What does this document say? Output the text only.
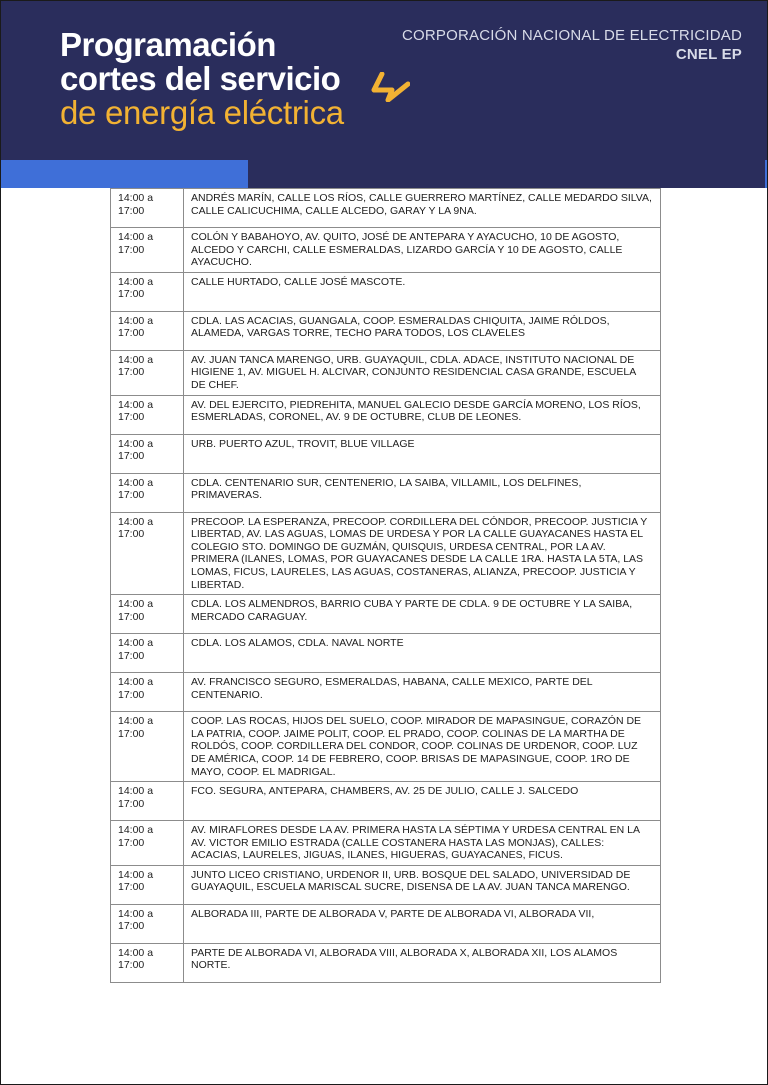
Programación
cortes del servicio
de energía eléctrica
CORPORACIÓN NACIONAL DE ELECTRICIDAD
CNEL EP
14:00 a 17:00	ANDRÉS MARÍN, CALLE LOS RÍOS, CALLE GUERRERO MARTÍNEZ, CALLE MEDARDO SILVA, CALLE CALICUCHIMA, CALLE ALCEDO, GARAY Y LA 9NA.
14:00 a 17:00	COLÓN Y BABAHOYO, AV. QUITO, JOSÉ DE ANTEPARA Y AYACUCHO, 10 DE AGOSTO, ALCEDO Y CARCHI, CALLE ESMERALDAS, LIZARDO GARCÍA Y 10 DE AGOSTO, CALLE AYACUCHO.
14:00 a 17:00	CALLE HURTADO, CALLE JOSÉ MASCOTE.
14:00 a 17:00	CDLA. LAS ACACIAS, GUANGALA, COOP. ESMERALDAS CHIQUITA, JAIME RÓLDOS, ALAMEDA, VARGAS TORRE, TECHO PARA TODOS, LOS CLAVELES
14:00 a 17:00	AV. JUAN TANCA MARENGO, URB. GUAYAQUIL, CDLA. ADACE, INSTITUTO NACIONAL DE HIGIENE 1, AV. MIGUEL H. ALCIVAR, CONJUNTO RESIDENCIAL CASA GRANDE, ESCUELA DE CHEF.
14:00 a 17:00	AV. DEL EJERCITO, PIEDREHITA, MANUEL GALECIO DESDE GARCÍA MORENO, LOS RÍOS, ESMERLADAS, CORONEL, AV. 9 DE OCTUBRE, CLUB DE LEONES.
14:00 a 17:00	URB. PUERTO AZUL, TROVIT, BLUE VILLAGE
14:00 a 17:00	CDLA. CENTENARIO SUR, CENTENERIO, LA SAIBA, VILLAMIL, LOS DELFINES, PRIMAVERAS.
14:00 a 17:00	PRECOOP. LA ESPERANZA, PRECOOP. CORDILLERA DEL CÓNDOR, PRECOOP. JUSTICIA Y LIBERTAD, AV. LAS AGUAS, LOMAS DE URDESA Y POR LA CALLE GUAYACANES HASTA EL COLEGIO STO. DOMINGO DE GUZMÁN, QUISQUIS, URDESA CENTRAL, POR LA AV. PRIMERA (ILANES, LOMAS, POR GUAYACANES DESDE LA CALLE 1RA. HASTA LA 5TA, LAS LOMAS, FICUS, LAURELES, LAS AGUAS, COSTANERAS, ALIANZA, PRECOOP. JUSTICIA Y LIBERTAD.
14:00 a 17:00	CDLA. LOS ALMENDROS, BARRIO CUBA Y PARTE DE CDLA. 9 DE OCTUBRE Y LA SAIBA, MERCADO CARAGUAY.
14:00 a 17:00	CDLA. LOS ALAMOS, CDLA. NAVAL NORTE
14:00 a 17:00	AV. FRANCISCO SEGURO, ESMERALDAS, HABANA, CALLE MEXICO, PARTE DEL CENTENARIO.
14:00 a 17:00	COOP. LAS ROCAS, HIJOS DEL SUELO, COOP. MIRADOR DE MAPASINGUE, CORAZÓN DE LA PATRIA, COOP. JAIME POLIT, COOP. EL PRADO, COOP. COLINAS DE LA MARTHA DE ROLDÓS, COOP. CORDILLERA DEL CONDOR, COOP. COLINAS DE URDENOR, COOP. LUZ DE AMÉRICA, COOP. 14 DE FEBRERO, COOP. BRISAS DE MAPASINGUE, COOP. 1RO DE MAYO, COOP. EL MADRIGAL.
14:00 a 17:00	FCO. SEGURA, ANTEPARA, CHAMBERS, AV. 25 DE JULIO, CALLE J. SALCEDO
14:00 a 17:00	AV. MIRAFLORES DESDE LA AV. PRIMERA HASTA LA SÉPTIMA Y URDESA CENTRAL EN LA AV. VICTOR EMILIO ESTRADA (CALLE COSTANERA HASTA LAS MONJAS), CALLES: ACACIAS, LAURELES, JIGUAS, ILANES, HIGUERAS, GUAYACANES, FICUS.
14:00 a 17:00	JUNTO LICEO CRISTIANO, URDENOR II, URB. BOSQUE DEL SALADO, UNIVERSIDAD DE GUAYAQUIL, ESCUELA MARISCAL SUCRE, DISENSA DE LA AV. JUAN TANCA MARENGO.
14:00 a 17:00	ALBORADA III, PARTE DE ALBORADA V, PARTE DE ALBORADA VI, ALBORADA VII,
14:00 a 17:00	PARTE DE ALBORADA VI, ALBORADA VIII, ALBORADA X, ALBORADA XII, LOS ALAMOS NORTE.
